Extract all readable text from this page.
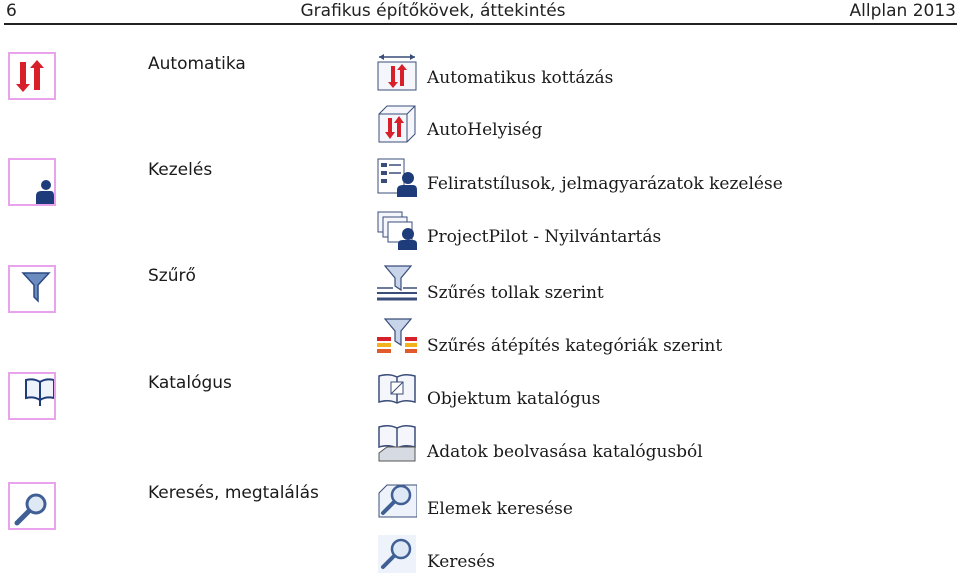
6	Grafikus építőkövek, áttekintés	Allplan 2013
Automatika
Kezelés
Szűrő
Katalógus
Keresés, megtalálás
Automatikus kottázás
AutoHelyiség
Feliratstílusok, jelmagyarázatok kezelése
ProjectPilot - Nyilvántartás
Szűrés tollak szerint
Szűrés átépítés kategóriák szerint
Objektum katalógus
Adatok beolvasása katalógusból
Elemek keresése
Keresés
